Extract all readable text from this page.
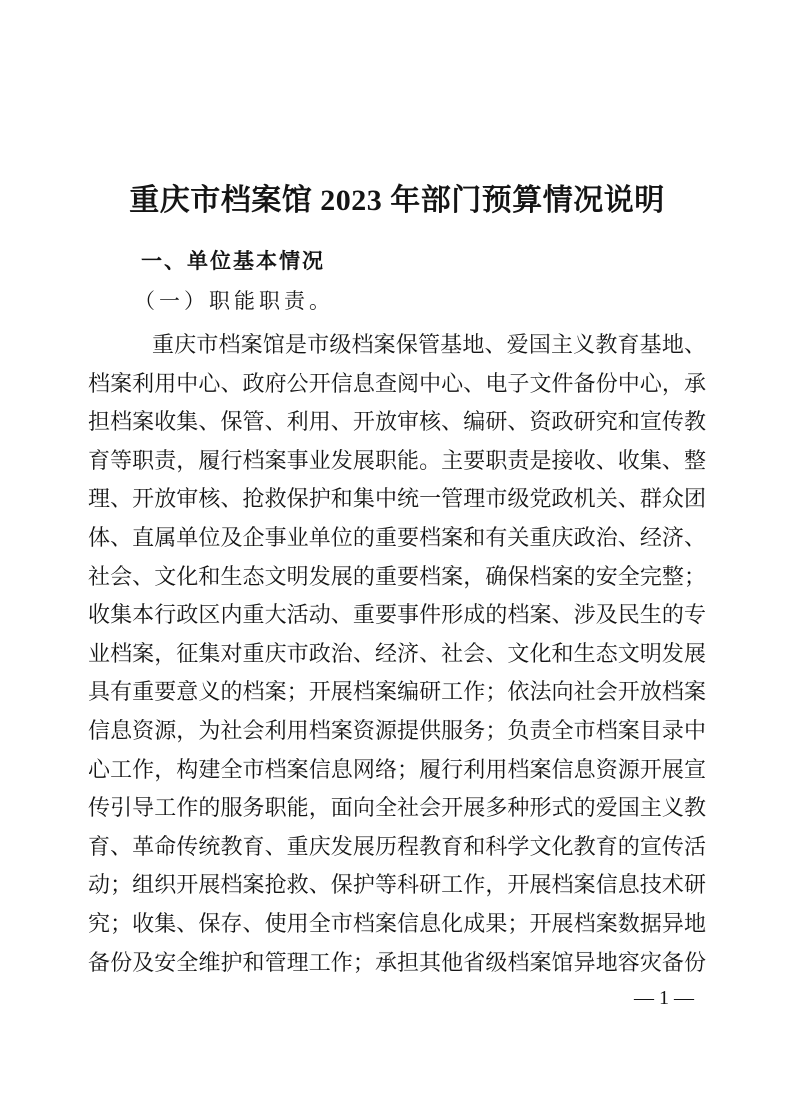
重庆市档案馆 2023 年部门预算情况说明
一、单位基本情况
（一）职能职责。
重庆市档案馆是市级档案保管基地、爱国主义教育基地、
档案利用中心、政府公开信息查阅中心、电子文件备份中心，承
担档案收集、保管、利用、开放审核、编研、资政研究和宣传教
育等职责，履行档案事业发展职能。主要职责是接收、收集、整
理、开放审核、抢救保护和集中统一管理市级党政机关、群众团
体、直属单位及企事业单位的重要档案和有关重庆政治、经济、
社会、文化和生态文明发展的重要档案，确保档案的安全完整；
收集本行政区内重大活动、重要事件形成的档案、涉及民生的专
业档案，征集对重庆市政治、经济、社会、文化和生态文明发展
具有重要意义的档案；开展档案编研工作；依法向社会开放档案
信息资源，为社会利用档案资源提供服务；负责全市档案目录中
心工作，构建全市档案信息网络；履行利用档案信息资源开展宣
传引导工作的服务职能，面向全社会开展多种形式的爱国主义教
育、革命传统教育、重庆发展历程教育和科学文化教育的宣传活
动；组织开展档案抢救、保护等科研工作，开展档案信息技术研
究；收集、保存、使用全市档案信息化成果；开展档案数据异地
备份及安全维护和管理工作；承担其他省级档案馆异地容灾备份
— 1 —
